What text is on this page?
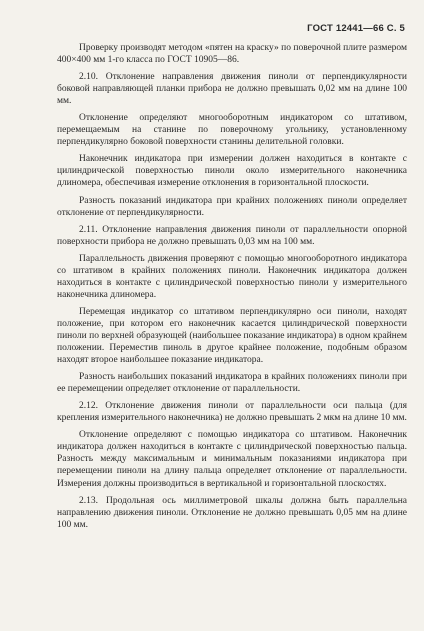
ГОСТ 12441—66 С. 5

Проверку производят методом «пятен на краску» по поверочной плите размером 400×400 мм 1-го класса по ГОСТ 10905—86.

2.10. Отклонение направления движения пиноли от перпендикулярности боковой направляющей планки прибора не должно превышать 0,02 мм на длине 100 мм.

Отклонение определяют многооборотным индикатором со штативом, перемещаемым на станине по поверочному угольнику, установленному перпендикулярно боковой поверхности станины делительной головки.

Наконечник индикатора при измерении должен находиться в контакте с цилиндрической поверхностью пиноли около измерительного наконечника длиномера, обеспечивая измерение отклонения в горизонтальной плоскости.

Разность показаний индикатора при крайних положениях пиноли определяет отклонение от перпендикулярности.

2.11. Отклонение направления движения пиноли от параллельности опорной поверхности прибора не должно превышать 0,03 мм на 100 мм.

Параллельность движения проверяют с помощью многооборотного индикатора со штативом в крайних положениях пиноли. Наконечник индикатора должен находиться в контакте с цилиндрической поверхностью пиноли у измерительного наконечника длиномера.

Перемещая индикатор со штативом перпендикулярно оси пиноли, находят положение, при котором его наконечник касается цилиндрической поверхности пиноли по верхней образующей (наибольшее показание индикатора) в одном крайнем положении. Переместив пиноль в другое крайнее положение, подобным образом находят второе наибольшее показание индикатора.

Разность наибольших показаний индикатора в крайних положениях пиноли при ее перемещении определяет отклонение от параллельности.

2.12. Отклонение движения пиноли от параллельности оси пальца (для крепления измерительного наконечника) не должно превышать 2 мкм на длине 10 мм.

Отклонение определяют с помощью индикатора со штативом. Наконечник индикатора должен находиться в контакте с цилиндрической поверхностью пальца. Разность между максимальным и минимальным показаниями индикатора при перемещении пиноли на длину пальца определяет отклонение от параллельности. Измерения должны производиться в вертикальной и горизонтальной плоскостях.

2.13. Продольная ось миллиметровой шкалы должна быть параллельна направлению движения пиноли. Отклонение не должно превышать 0,05 мм на длине 100 мм.
